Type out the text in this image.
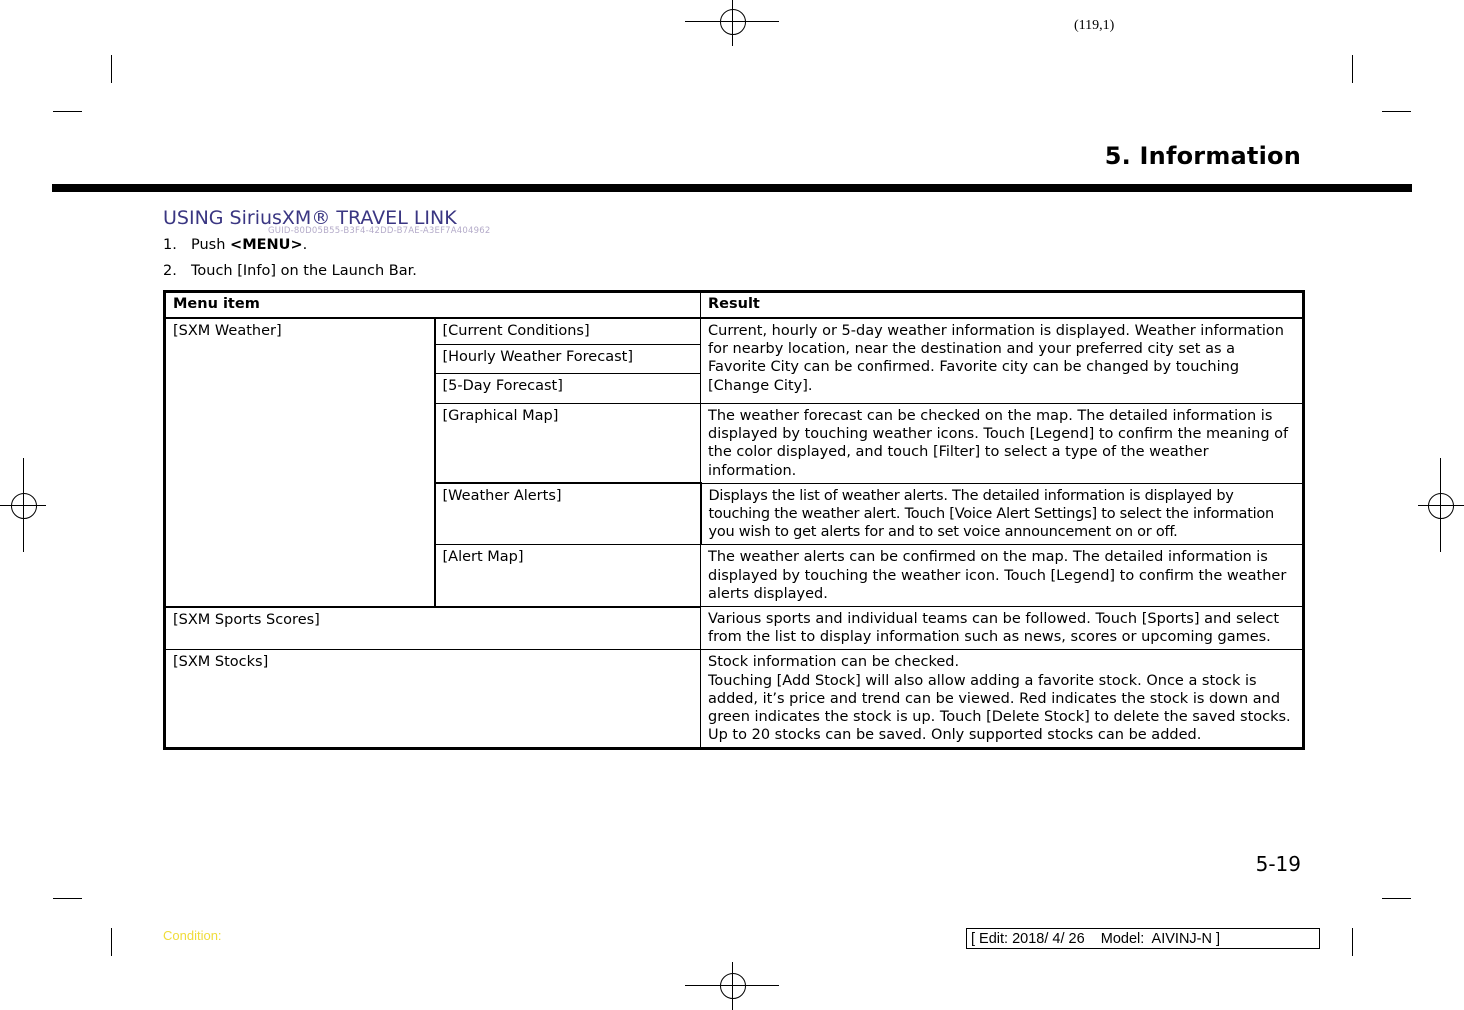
(119,1)
5. Information
USING SiriusXM® TRAVEL LINK
GUID-80D05B55-B3F4-42DD-B7AE-A3EF7A404962
1. Push <MENU>.
2. Touch [Info] on the Launch Bar.
Menu item		Result
[SXM Weather]	[Current Conditions]	Current, hourly or 5-day weather information is displayed. Weather information for nearby location, near the destination and your preferred city set as a Favorite City can be confirmed. Favorite city can be changed by touching [Change City].
	[Hourly Weather Forecast]	
	[5-Day Forecast]	
	[Graphical Map]	The weather forecast can be checked on the map. The detailed information is displayed by touching weather icons. Touch [Legend] to confirm the meaning of the color displayed, and touch [Filter] to select a type of the weather information.
	[Weather Alerts]	Displays the list of weather alerts. The detailed information is displayed by touching the weather alert. Touch [Voice Alert Settings] to select the information you wish to get alerts for and to set voice announcement on or off.
	[Alert Map]	The weather alerts can be confirmed on the map. The detailed information is displayed by touching the weather icon. Touch [Legend] to confirm the weather alerts displayed.
[SXM Sports Scores]		Various sports and individual teams can be followed. Touch [Sports] and select from the list to display information such as news, scores or upcoming games.
[SXM Stocks]		Stock information can be checked.
Touching [Add Stock] will also allow adding a favorite stock. Once a stock is added, it’s price and trend can be viewed. Red indicates the stock is down and green indicates the stock is up. Touch [Delete Stock] to delete the saved stocks. Up to 20 stocks can be saved. Only supported stocks can be added.
5-19
Condition:	[ Edit: 2018/ 4/ 26    Model:  AIVINJ-N ]
